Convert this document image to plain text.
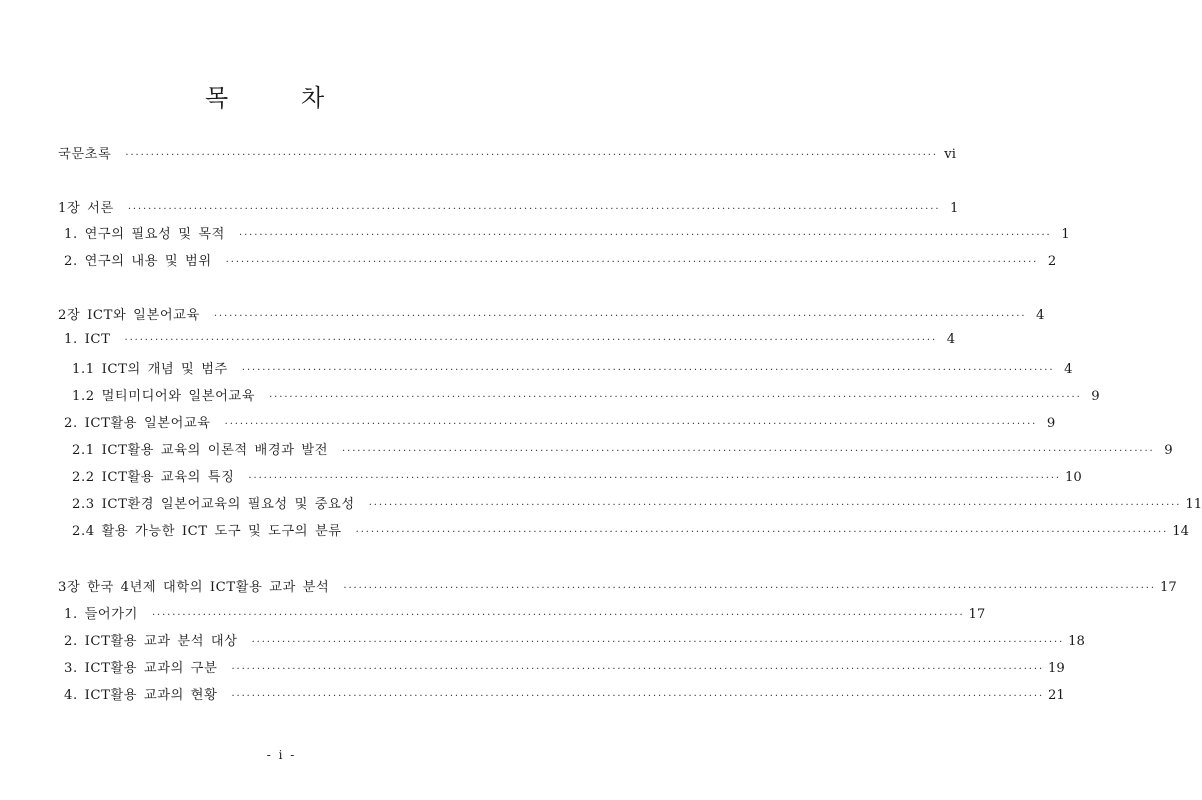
목	차
국문초록 ································································································································································ vi
1장 서론 ································································································································································ 1
1. 연구의 필요성 및 목적 ································································································································································ 1
2. 연구의 내용 및 범위 ································································································································································ 2
2장 ICT와 일본어교육 ································································································································································ 4
1. ICT ································································································································································ 4
1.1 ICT의 개념 및 범주 ································································································································································ 4
1.2 멀티미디어와 일본어교육 ································································································································································ 9
2. ICT활용 일본어교육 ································································································································································ 9
2.1 ICT활용 교육의 이론적 배경과 발전 ································································································································································ 9
2.2 ICT활용 교육의 특징 ································································································································································ 10
2.3 ICT환경 일본어교육의 필요성 및 중요성 ································································································································································ 11
2.4 활용 가능한 ICT 도구 및 도구의 분류 ································································································································································ 14
3장 한국 4년제 대학의 ICT활용 교과 분석 ································································································································································ 17
1. 들어가기 ································································································································································ 17
2. ICT활용 교과 분석 대상 ································································································································································ 18
3. ICT활용 교과의 구분 ································································································································································ 19
4. ICT활용 교과의 현황 ································································································································································ 21
- i -
